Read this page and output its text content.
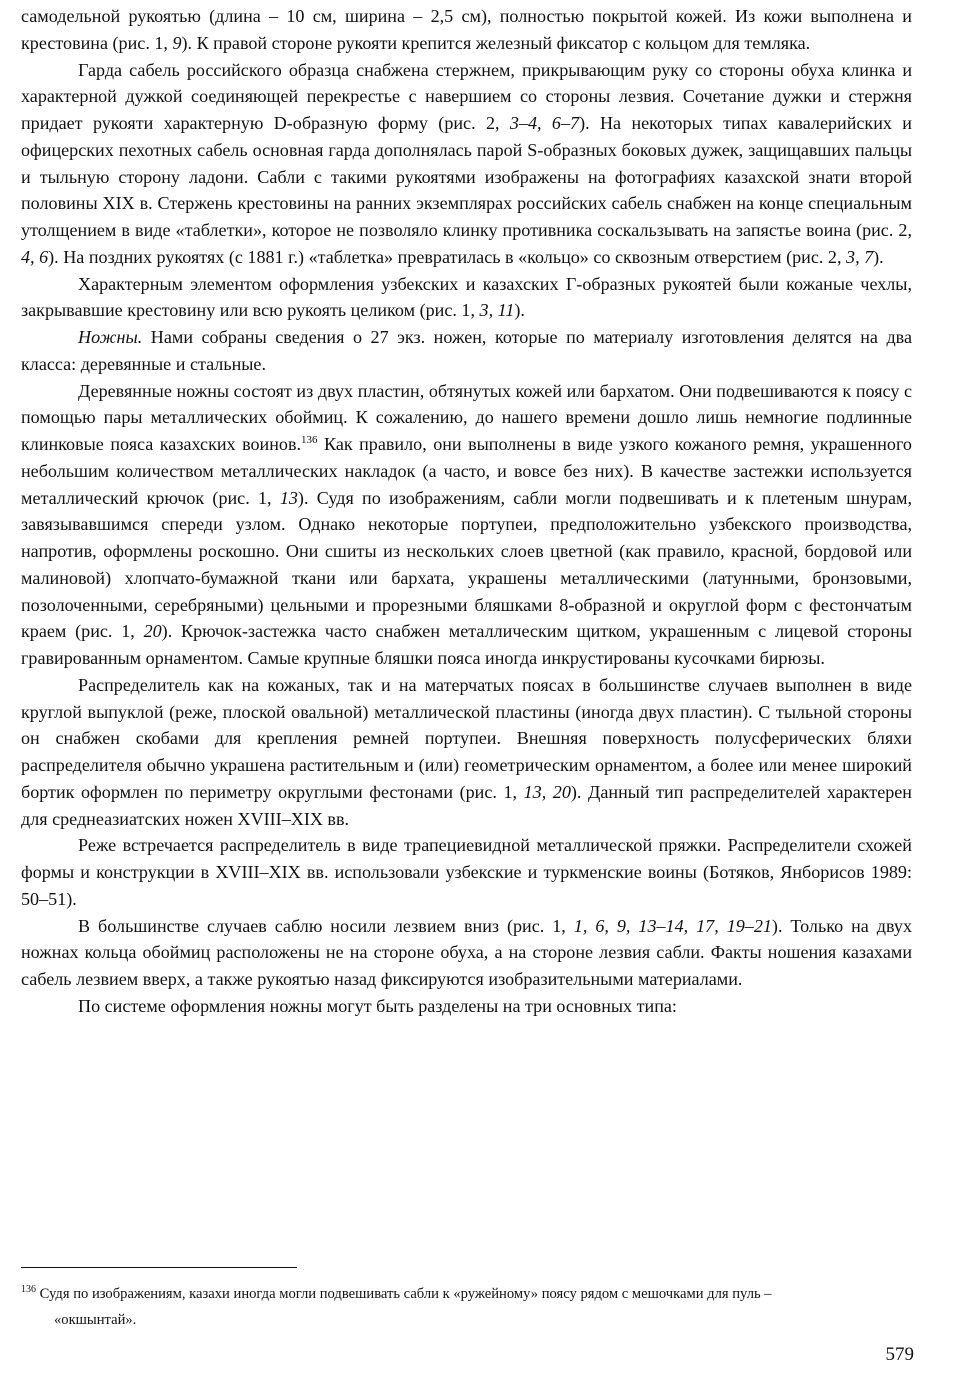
самодельной рукоятью (длина – 10 см, ширина – 2,5 см), полностью покрытой кожей. Из кожи выполнена и крестовина (рис. 1, 9). К правой стороне рукояти крепится железный фиксатор с кольцом для темляка.

Гарда сабель российского образца снабжена стержнем, прикрывающим руку со стороны обуха клинка и характерной дужкой соединяющей перекрестье с навершием со стороны лезвия. Сочетание дужки и стержня придает рукояти характерную D-образную форму (рис. 2, 3–4, 6–7). На некоторых типах кавалерийских и офицерских пехотных сабель основная гарда дополнялась парой S-образных боковых дужек, защищавших пальцы и тыльную сторону ладони. Сабли с такими рукоятями изображены на фотографиях казахской знати второй половины XIX в. Стержень крестовины на ранних экземплярах российских сабель снабжен на конце специальным утолщением в виде «таблетки», которое не позволяло клинку противника соскальзывать на запястье воина (рис. 2, 4, 6). На поздних рукоятях (с 1881 г.) «таблетка» превратилась в «кольцо» со сквозным отверстием (рис. 2, 3, 7).

Характерным элементом оформления узбекских и казахских Г-образных рукоятей были кожаные чехлы, закрывавшие крестовину или всю рукоять целиком (рис. 1, 3, 11).

Ножны. Нами собраны сведения о 27 экз. ножен, которые по материалу изготовления делятся на два класса: деревянные и стальные.

Деревянные ножны состоят из двух пластин, обтянутых кожей или бархатом. Они подвешиваются к поясу с помощью пары металлических обоймиц. К сожалению, до нашего времени дошло лишь немногие подлинные клинковые пояса казахских воинов.$^{136}$ Как правило, они выполнены в виде узкого кожаного ремня, украшенного небольшим количеством металлических накладок (а часто, и вовсе без них). В качестве застежки используется металлический крючок (рис. 1, 13). Судя по изображениям, сабли могли подвешивать и к плетеным шнурам, завязывавшимся спереди узлом. Однако некоторые портупеи, предположительно узбекского производства, напротив, оформлены роскошно. Они сшиты из нескольких слоев цветной (как правило, красной, бордовой или малиновой) хлопчато-бумажной ткани или бархата, украшены металлическими (латунными, бронзовыми, позолоченными, серебряными) цельными и прорезными бляшками 8-образной и округлой форм с фестончатым краем (рис. 1, 20). Крючок-застежка часто снабжен металлическим щитком, украшенным с лицевой стороны гравированным орнаментом. Самые крупные бляшки пояса иногда инкрустированы кусочками бирюзы.

Распределитель как на кожаных, так и на матерчатых поясах в большинстве случаев выполнен в виде круглой выпуклой (реже, плоской овальной) металлической пластины (иногда двух пластин). С тыльной стороны он снабжен скобами для крепления ремней портупеи. Внешняя поверхность полусферических бляхи распределителя обычно украшена растительным и (или) геометрическим орнаментом, а более или менее широкий бортик оформлен по периметру округлыми фестонами (рис. 1, 13, 20). Данный тип распределителей характерен для среднеазиатских ножен XVIII–XIX вв.

Реже встречается распределитель в виде трапециевидной металлической пряжки. Распределители схожей формы и конструкции в XVIII–XIX вв. использовали узбекские и туркменские воины (Ботяков, Янборисов 1989: 50–51).

В большинстве случаев саблю носили лезвием вниз (рис. 1, 1, 6, 9, 13–14, 17, 19–21). Только на двух ножнах кольца обоймиц расположены не на стороне обуха, а на стороне лезвия сабли. Факты ношения казахами сабель лезвием вверх, а также рукоятью назад фиксируются изобразительными материалами.

По системе оформления ножны могут быть разделены на три основных типа:

$^{136}$ Судя по изображениям, казахи иногда могли подвешивать сабли к «ружейному» поясу рядом с мешочками для пуль –
«окшынтай».
579
